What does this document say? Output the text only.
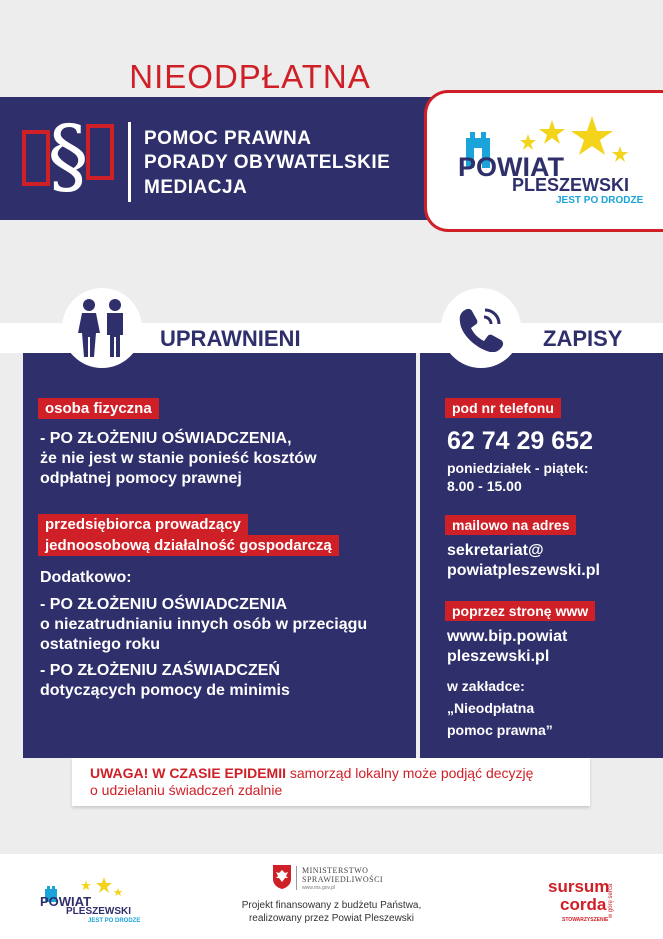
NIEODPŁATNA
§	POMOC PRAWNA
PORADY OBYWATELSKIE
MEDIACJA
POWIAT
PLESZEWSKI
JEST PO DRODZE
UPRAWNIENI	ZAPISY
osoba fizyczna
- PO ZŁOŻENIU OŚWIADCZENIA,
że nie jest w stanie ponieść kosztów
odpłatnej pomocy prawnej
przedsiębiorca prowadzący
jednoosobową działalność gospodarczą
Dodatkowo:
- PO ZŁOŻENIU OŚWIADCZENIA
o niezatrudnianiu innych osób w przeciągu
ostatniego roku
- PO ZŁOŻENIU ZAŚWIADCZEŃ
dotyczących pomocy de minimis
pod nr telefonu
62 74 29 652
poniedziałek - piątek:
8.00 - 15.00
mailowo na adres
sekretariat@
powiatpleszewski.pl
poprzez stronę www
www.bip.powiat
pleszewski.pl
w zakładce:
„Nieodpłatna
pomoc prawna”
UWAGA! W CZASIE EPIDEMII samorząd lokalny może podjąć decyzję
o udzielaniu świadczeń zdalnie
POWIAT
PLESZEWSKI
JEST PO DRODZE
MINISTERSTWO
SPRAWIEDLIWOŚCI
www.ms.gov.pl
Projekt finansowany z budżetu Państwa,
realizowany przez Powiat Pleszewski
sursum
corda
STOWARZYSZENIE
w górę serca
